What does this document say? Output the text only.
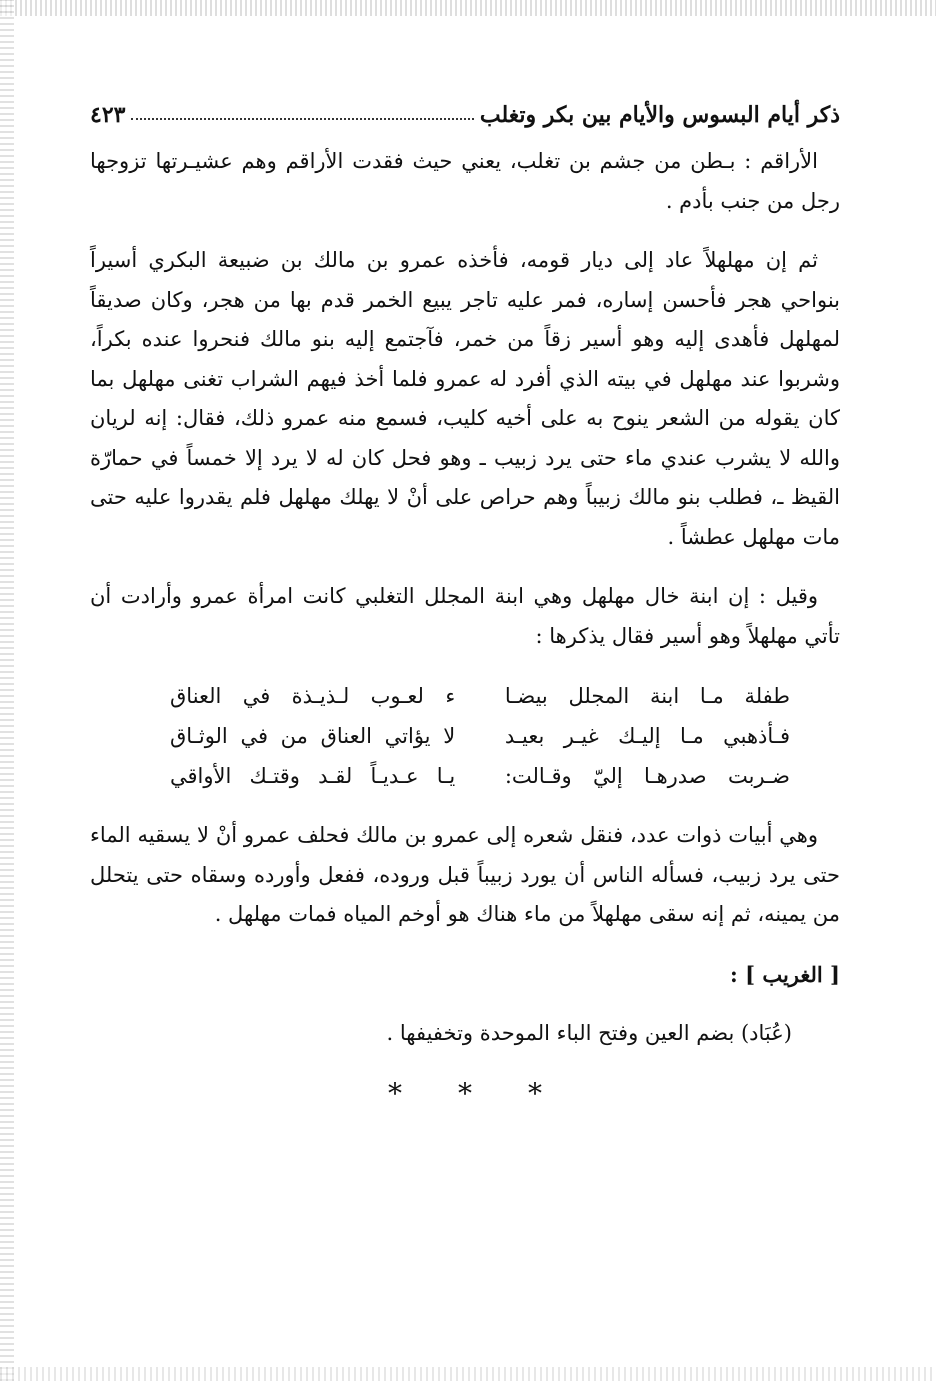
ذكر أيام البسوس والأيام بين بكر وتغلب
٤٢٣

الأراقم : بـطن من جشم بن تغلب، يعني حيث فقدت الأراقم وهم عشيـرتها تزوجها رجل من جنب بأدم .

ثم إن مهلهلاً عاد إلى ديار قومه، فأخذه عمرو بن مالك بن ضبيعة البكري أسيراً بنواحي هجر فأحسن إساره، فمر عليه تاجر يبيع الخمر قدم بها من هجر، وكان صديقاً لمهلهل فأهدى إليه وهو أسير زقاً من خمر، فآجتمع إليه بنو مالك فنحروا عنده بكراً، وشربوا عند مهلهل في بيته الذي أفرد له عمرو فلما أخذ فيهم الشراب تغنى مهلهل بما كان يقوله من الشعر ينوح به على أخيه كليب، فسمع منه عمرو ذلك، فقال: إنه لريان والله لا يشرب عندي ماء حتى يرد زبيب ـ وهو فحل كان له لا يرد إلا خمساً في حمارّة القيظ ـ، فطلب بنو مالك زبيباً وهم حراص على أنْ لا يهلك مهلهل فلم يقدروا عليه حتى مات مهلهل عطشاً .

وقيل : إن ابنة خال مهلهل وهي ابنة المجلل التغلبي كانت امرأة عمرو وأرادت أن تأتي مهلهلاً وهو أسير فقال يذكرها :

طفلة مـا ابنة المجلل بيضـا
ء لعـوب لـذيـذة في العناق
فـأذهبي مـا إليـك غيـر بعيـد
لا يؤاتي العناق من في الوثـاق
ضـربت صدرهـا إليّ وقـالت:
يـا عـديـاً لقـد وقتـك الأواقي

وهي أبيات ذوات عدد، فنقل شعره إلى عمرو بن مالك فحلف عمرو أنْ لا يسقيه الماء حتى يرد زبيب، فسأله الناس أن يورد زبيباً قبل وروده، ففعل وأورده وسقاه حتى يتحلل من يمينه، ثم إنه سقى مهلهلاً من ماء هناك هو أوخم المياه فمات مهلهل .

[ الغريب ] :
(عُبَاد) بضم العين وفتح الباء الموحدة وتخفيفها .
* * *
